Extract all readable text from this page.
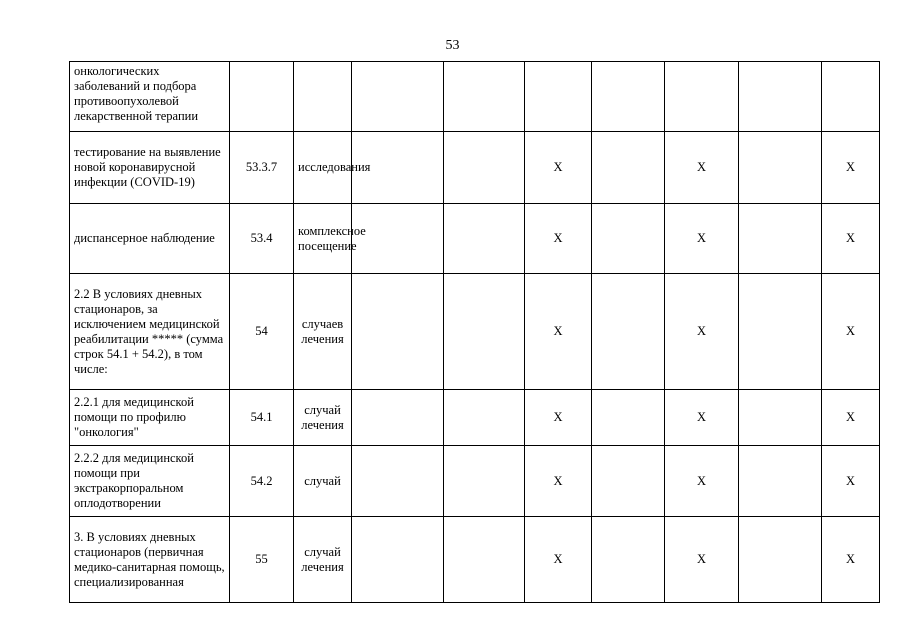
53
онкологических заболеваний и подбора противоопухолевой лекарственной терапии									
тестирование на выявление новой коронавирусной инфекции (COVID-19)	53.3.7	исследования			X		X		X
диспансерное наблюдение	53.4	комплексное посещение			X		X		X
2.2 В условиях дневных стационаров, за исключением медицинской реабилитации ***** (сумма строк 54.1 + 54.2), в том числе:	54	случаев лечения			X		X		X
2.2.1 для медицинской помощи по профилю "онкология"	54.1	случай лечения			X		X		X
2.2.2 для медицинской помощи при экстракорпоральном оплодотворении	54.2	случай			X		X		X
3. В условиях дневных стационаров (первичная медико-санитарная помощь, специализированная	55	случай лечения			X		X		X
